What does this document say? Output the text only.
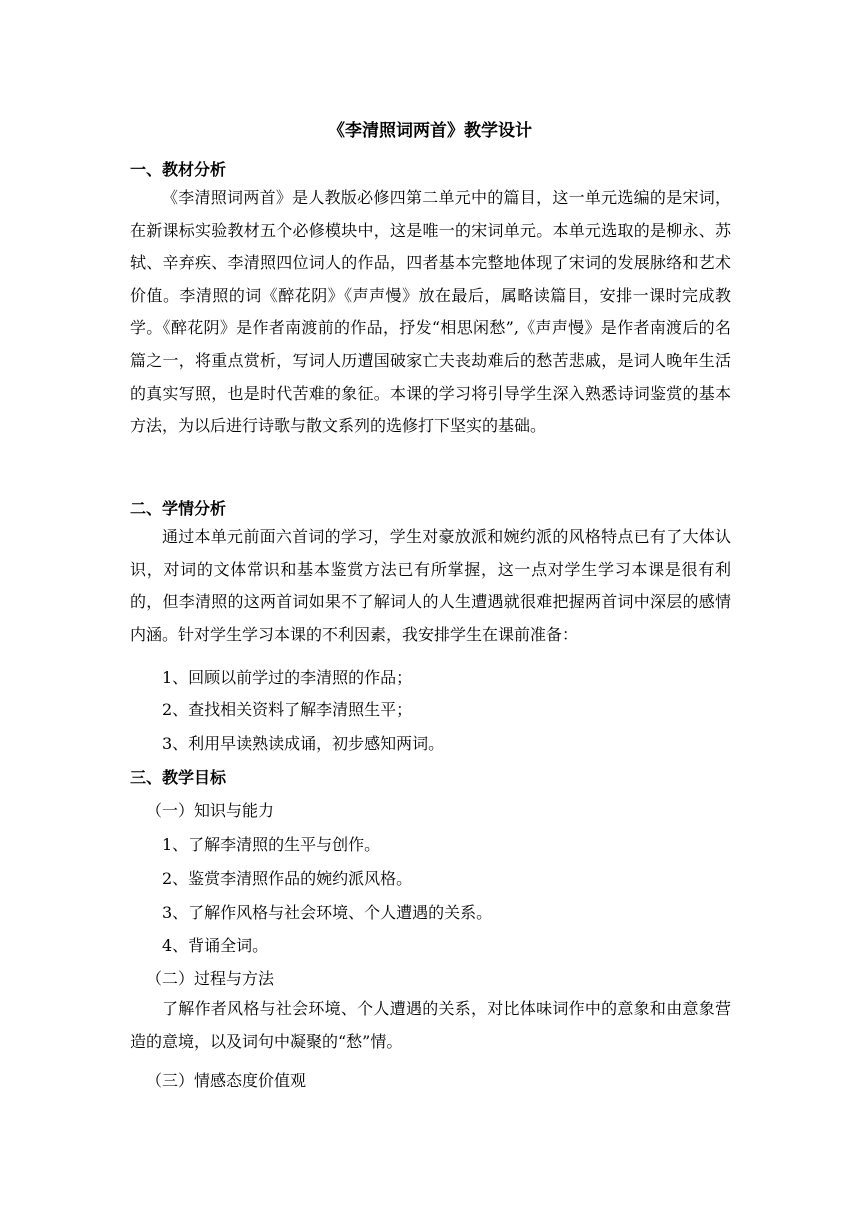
《李清照词两首》教学设计
一、教材分析

《李清照词两首》是人教版必修四第二单元中的篇目，这一单元选编的是宋词，在新课标实验教材五个必修模块中，这是唯一的宋词单元。本单元选取的是柳永、苏轼、辛弃疾、李清照四位词人的作品，四者基本完整地体现了宋词的发展脉络和艺术价值。李清照的词《醉花阴》《声声慢》放在最后，属略读篇目，安排一课时完成教学。《醉花阴》是作者南渡前的作品，抒发“相思闲愁”,《声声慢》是作者南渡后的名篇之一，将重点赏析，写词人历遭国破家亡夫丧劫难后的愁苦悲戚，是词人晚年生活的真实写照，也是时代苦难的象征。本课的学习将引导学生深入熟悉诗词鉴赏的基本方法，为以后进行诗歌与散文系列的选修打下坚实的基础。

二、学情分析

通过本单元前面六首词的学习，学生对豪放派和婉约派的风格特点已有了大体认识，对词的文体常识和基本鉴赏方法已有所掌握，这一点对学生学习本课是很有利的，但李清照的这两首词如果不了解词人的人生遭遇就很难把握两首词中深层的感情内涵。针对学生学习本课的不利因素，我安排学生在课前准备：

1、回顾以前学过的李清照的作品；
2、查找相关资料了解李清照生平；
3、利用早读熟读成诵，初步感知两词。
三、教学目标
（一）知识与能力
1、了解李清照的生平与创作。
2、鉴赏李清照作品的婉约派风格。
3、了解作风格与社会环境、个人遭遇的关系。
4、背诵全词。
（二）过程与方法

了解作者风格与社会环境、个人遭遇的关系，对比体味词作中的意象和由意象营造的意境，以及词句中凝聚的“愁”情。

（三）情感态度价值观
